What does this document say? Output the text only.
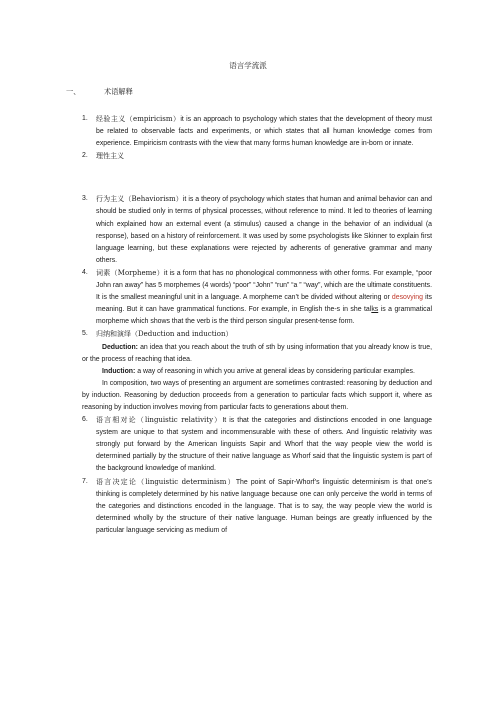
语言学流派
一、	术语解释
1. 经验主义（empiricism）it is an approach to psychology which states that the development of theory must be related to observable facts and experiments, or which states that all human knowledge comes from experience. Empiricism contrasts with the view that many forms human knowledge are in-born or innate.
2. 理性主义
3. 行为主义（Behaviorism）it is a theory of psychology which states that human and animal behavior can and should be studied only in terms of physical processes, without reference to mind. It led to theories of learning which explained how an external event (a stimulus) caused a change in the behavior of an individual (a response), based on a history of reinforcement. It was used by some psychologists like Skinner to explain first language learning, but these explanations were rejected by adherents of generative grammar and many others.
4. 词素（Morpheme）it is a form that has no phonological commonness with other forms. For example, “poor John ran away” has 5 morphemes (4 words) “poor” “John” “run” “a ” “way”, which are the ultimate constituents. It is the smallest meaningful unit in a language. A morpheme can’t be divided without altering or desovying its meaning. But it can have grammatical functions. For example, in English the-s in she talks is a grammatical morpheme which shows that the verb is the third person singular present-tense form.
5. 归纳和演绎（Deduction and induction）
Deduction: an idea that you reach about the truth of sth by using information that you already know is true, or the process of reaching that idea.
Induction: a way of reasoning in which you arrive at general ideas by considering particular examples.
In composition, two ways of presenting an argument are sometimes contrasted: reasoning by deduction and by induction. Reasoning by deduction proceeds from a generation to particular facts which support it, where as reasoning by induction involves moving from particular facts to generations about them.
6. 语言相对论（linguistic relativity）It is that the categories and distinctions encoded in one language system are unique to that system and incommensurable with these of others. And linguistic relativity was strongly put forward by the American linguists Sapir and Whorf that the way people view the world is determined partially by the structure of their native language as Whorf said that the linguistic system is part of the background knowledge of mankind.
7. 语言决定论（linguistic determinism）The point of Sapir-Whorf’s linguistic determinism is that one’s thinking is completely determined by his native language because one can only perceive the world in terms of the categories and distinctions encoded in the language. That is to say, the way people view the world is determined wholly by the structure of their native language. Human beings are greatly influenced by the particular language servicing as medium of
